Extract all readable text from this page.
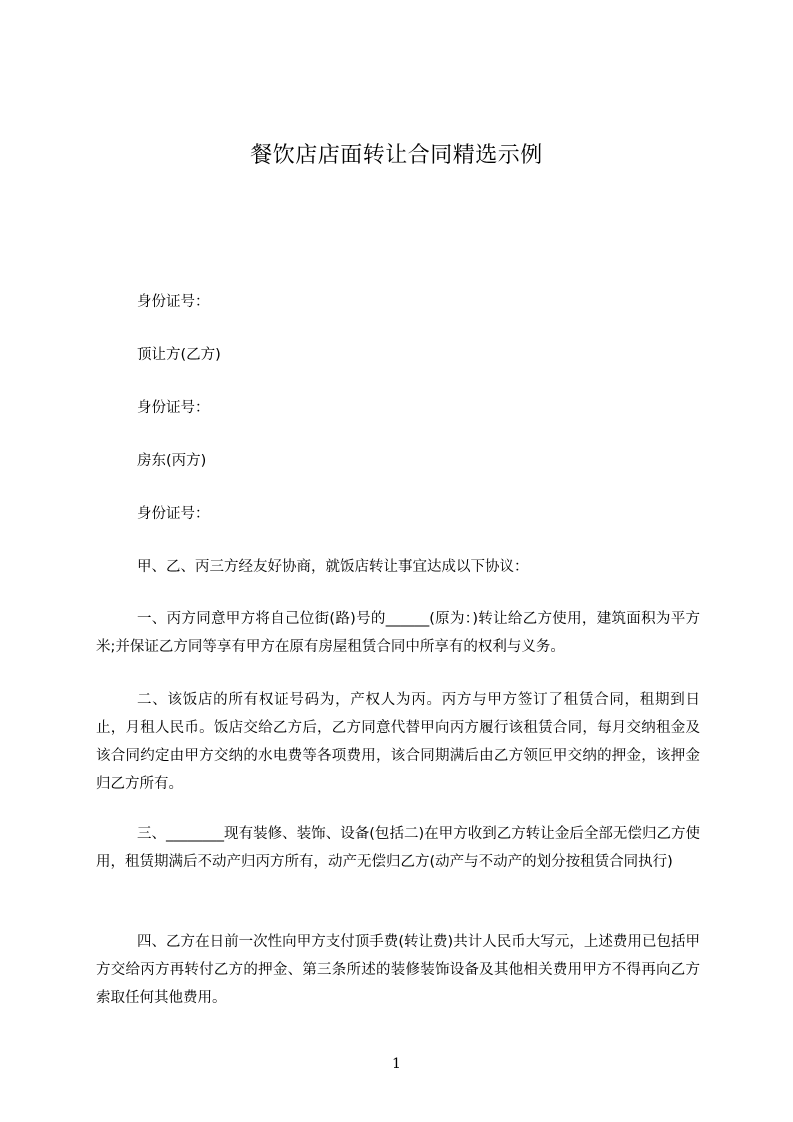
餐饮店店面转让合同精选示例

身份证号：

顶让方(乙方)

身份证号：

房东(丙方)

身份证号：

甲、乙、丙三方经友好协商，就饭店转让事宜达成以下协议：

一、丙方同意甲方将自己位街(路)号的______(原为：)转让给乙方使用，建筑面积为平方米;并保证乙方同等享有甲方在原有房屋租赁合同中所享有的权利与义务。

二、该饭店的所有权证号码为，产权人为丙。丙方与甲方签订了租赁合同，租期到日止，月租人民币。饭店交给乙方后，乙方同意代替甲向丙方履行该租赁合同，每月交纳租金及该合同约定由甲方交纳的水电费等各项费用，该合同期满后由乙方领叵甲交纳的押金，该押金归乙方所有。

三、________现有装修、装饰、设备(包括二)在甲方收到乙方转让金后全部无偿归乙方使用，租赁期满后不动产归丙方所有，动产无偿归乙方(动产与不动产的划分按租赁合同执行)

四、乙方在日前一次性向甲方支付顶手费(转让费)共计人民币大写元，上述费用已包括甲方交给丙方再转付乙方的押金、第三条所述的装修装饰设备及其他相关费用甲方不得再向乙方索取任何其他费用。

1
